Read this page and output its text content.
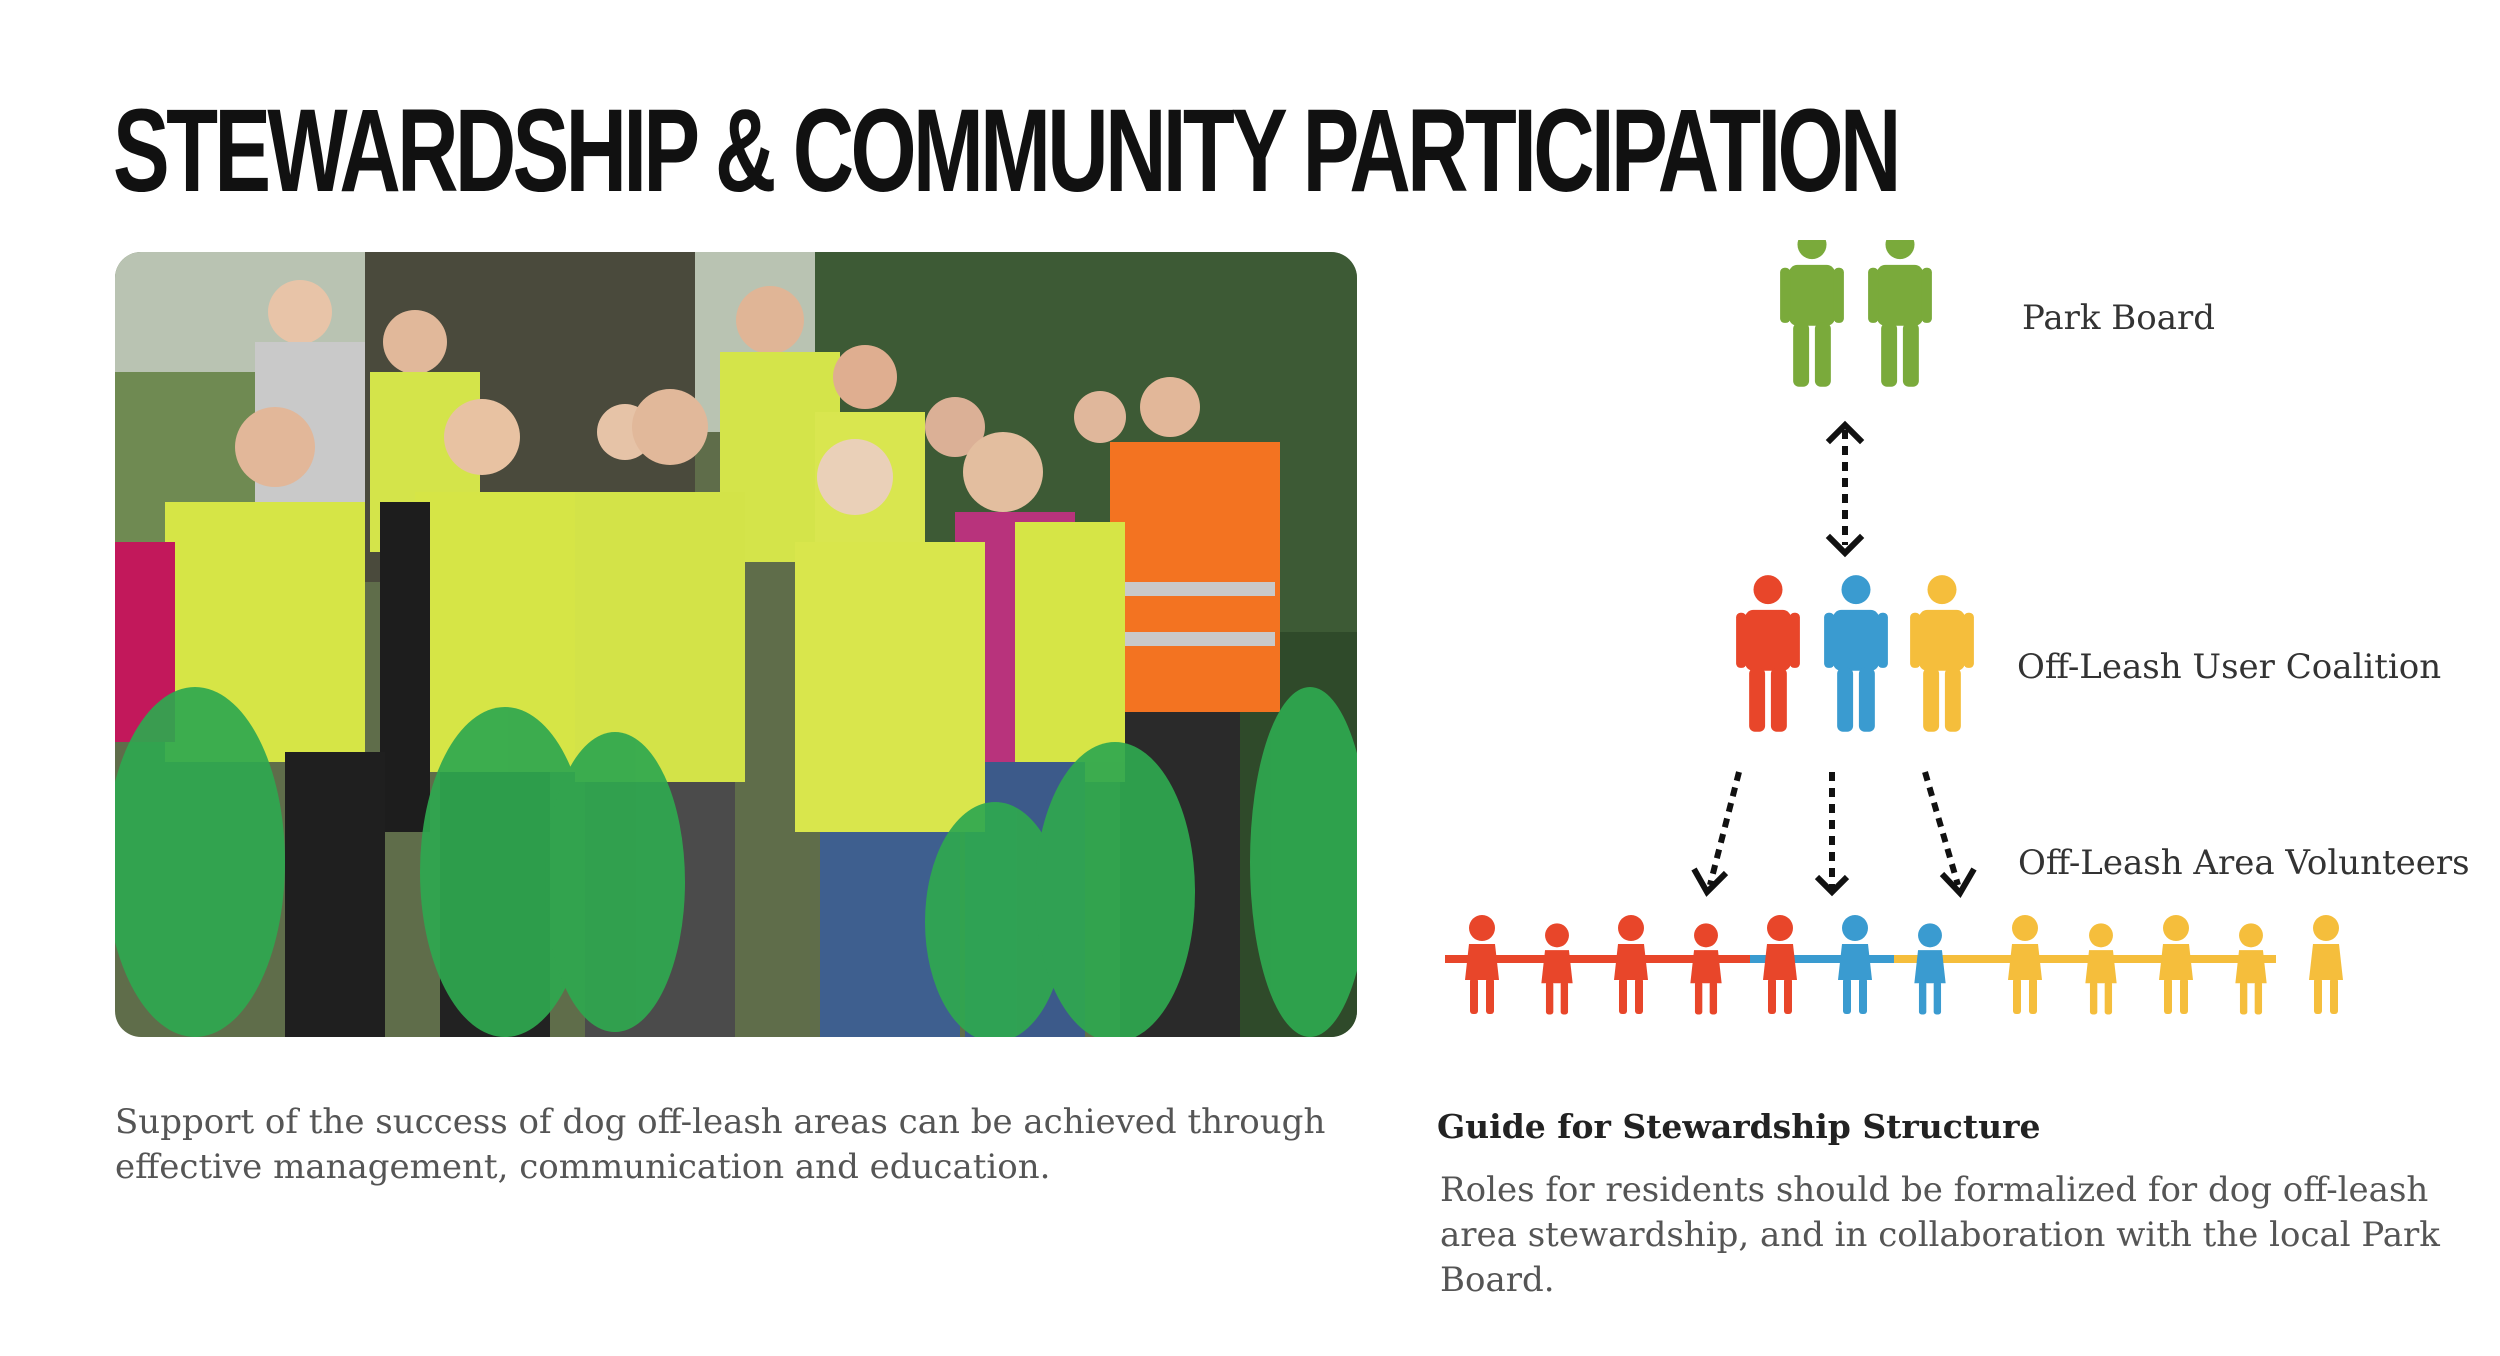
STEWARDSHIP & COMMUNITY PARTICIPATION
Support of the success of dog off-leash areas can be achieved through effective management, communication and education.
Park Board
Off-Leash User Coalition
Off-Leash Area Volunteers
Guide for Stewardship Structure
Roles for residents should be formalized for dog off-leash area stewardship, and in collaboration with the local Park Board.
